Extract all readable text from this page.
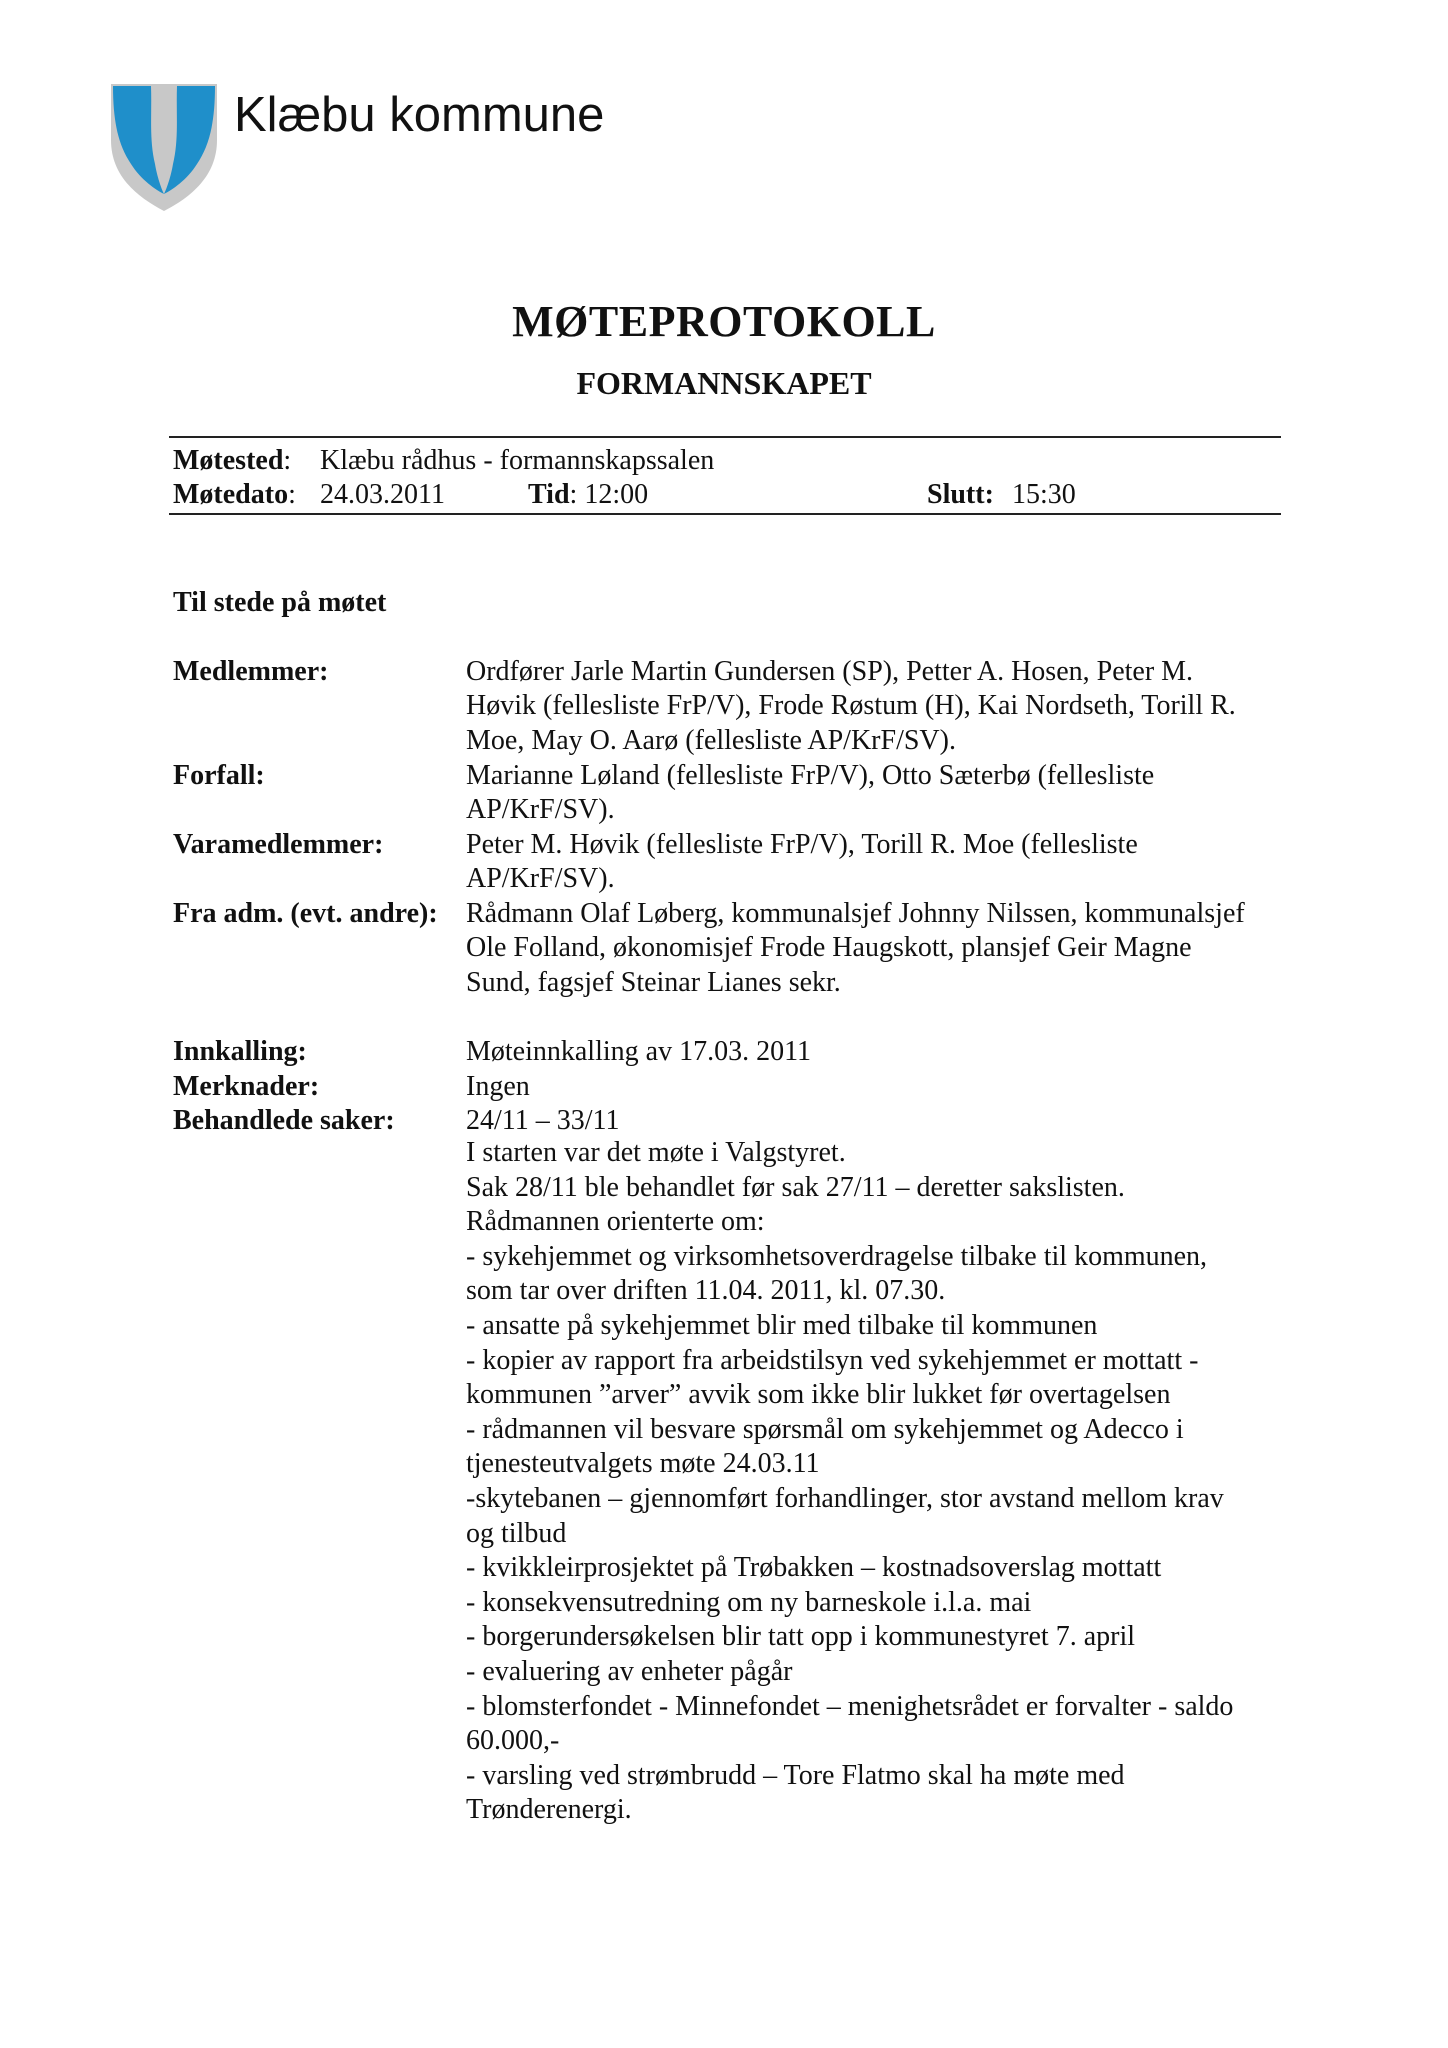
Klæbu kommune
MØTEPROTOKOLL
FORMANNSKAPET
Møtested: Klæbu rådhus - formannskapssalen
Møtedato: 24.03.2011	Tid: 12:00	Slutt: 15:30
Til stede på møtet
Medlemmer:	Ordfører Jarle Martin Gundersen (SP), Petter A. Hosen, Peter M.
Høvik (fellesliste FrP/V), Frode Røstum (H), Kai Nordseth, Torill R.
Moe, May O. Aarø (fellesliste AP/KrF/SV).
Forfall:	Marianne Løland (fellesliste FrP/V), Otto Sæterbø (fellesliste
AP/KrF/SV).
Varamedlemmer:	Peter M. Høvik (fellesliste FrP/V), Torill R. Moe (fellesliste
AP/KrF/SV).
Fra adm. (evt. andre): Rådmann Olaf Løberg, kommunalsjef Johnny Nilssen, kommunalsjef
Ole Folland, økonomisjef Frode Haugskott, plansjef Geir Magne
Sund, fagsjef Steinar Lianes sekr.
Innkalling:	Møteinnkalling av 17.03. 2011
Merknader:	Ingen
Behandlede saker:	24/11 – 33/11
I starten var det møte i Valgstyret.
Sak 28/11 ble behandlet før sak 27/11 – deretter sakslisten.
Rådmannen orienterte om:
- sykehjemmet og virksomhetsoverdragelse tilbake til kommunen,
som tar over driften 11.04. 2011, kl. 07.30.
- ansatte på sykehjemmet blir med tilbake til kommunen
- kopier av rapport fra arbeidstilsyn ved sykehjemmet er mottatt -
kommunen ”arver” avvik som ikke blir lukket før overtagelsen
- rådmannen vil besvare spørsmål om sykehjemmet og Adecco i
tjenesteutvalgets møte 24.03.11
-skytebanen – gjennomført forhandlinger, stor avstand mellom krav
og tilbud
- kvikkleirprosjektet på Trøbakken – kostnadsoverslag mottatt
- konsekvensutredning om ny barneskole i.l.a. mai
- borgerundersøkelsen blir tatt opp i kommunestyret 7. april
- evaluering av enheter pågår
- blomsterfondet - Minnefondet – menighetsrådet er forvalter - saldo
60.000,-
- varsling ved strømbrudd – Tore Flatmo skal ha møte med
Trønderenergi.
